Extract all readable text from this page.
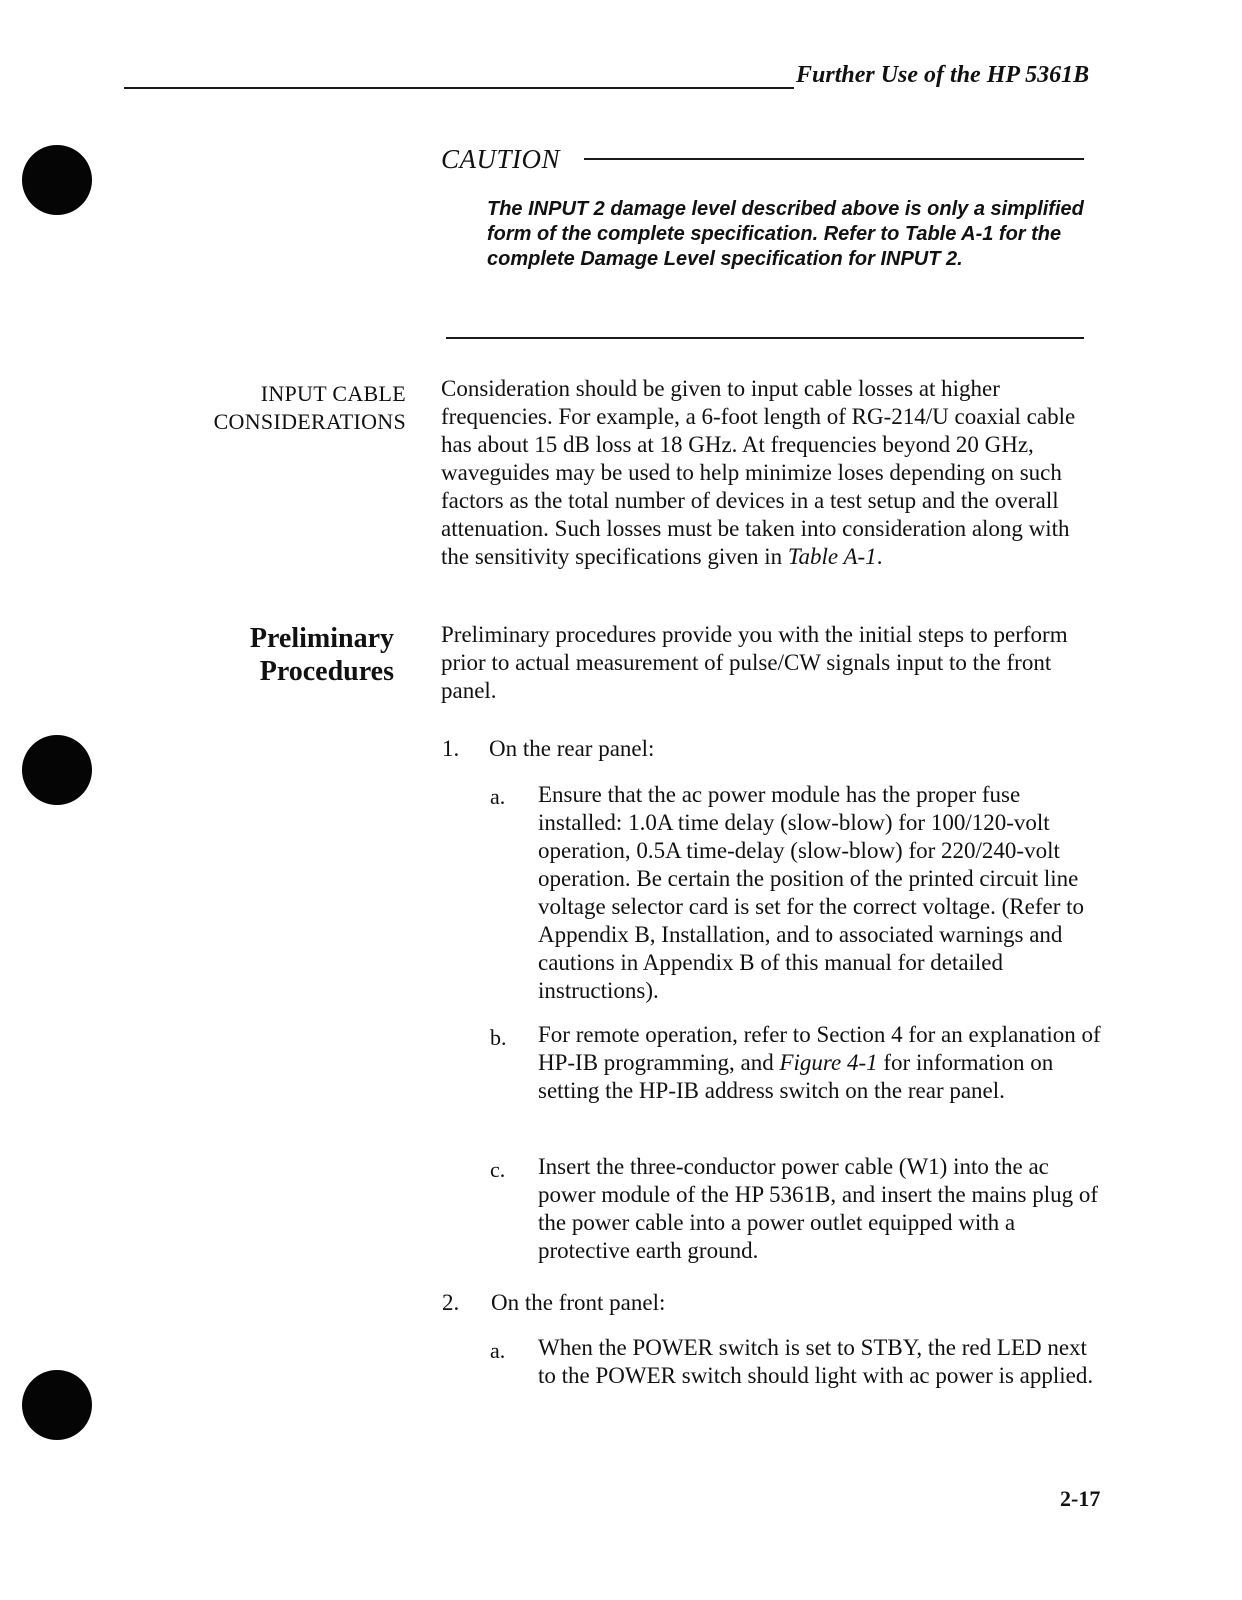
Further Use of the HP 5361B
CAUTION
The INPUT 2 damage level described above is only a simplified form of the complete specification. Refer to Table A-1 for the complete Damage Level specification for INPUT 2.
INPUT CABLE
CONSIDERATIONS
Consideration should be given to input cable losses at higher frequencies. For example, a 6-foot length of RG-214/U coaxial cable has about 15 dB loss at 18 GHz. At frequencies beyond 20 GHz, waveguides may be used to help minimize loses depending on such factors as the total number of devices in a test setup and the overall attenuation. Such losses must be taken into consideration along with the sensitivity specifications given in Table A-1.
Preliminary
Procedures
Preliminary procedures provide you with the initial steps to perform prior to actual measurement of pulse/CW signals input to the front panel.
1. On the rear panel:
a. Ensure that the ac power module has the proper fuse installed: 1.0A time delay (slow-blow) for 100/120-volt operation, 0.5A time-delay (slow-blow) for 220/240-volt operation. Be certain the position of the printed circuit line voltage selector card is set for the correct voltage. (Refer to Appendix B, Installation, and to associated warnings and cautions in Appendix B of this manual for detailed instructions).
b. For remote operation, refer to Section 4 for an explanation of HP-IB programming, and Figure 4-1 for information on setting the HP-IB address switch on the rear panel.
c. Insert the three-conductor power cable (W1) into the ac power module of the HP 5361B, and insert the mains plug of the power cable into a power outlet equipped with a protective earth ground.
2. On the front panel:
a. When the POWER switch is set to STBY, the red LED next to the POWER switch should light with ac power is applied.
2-17
